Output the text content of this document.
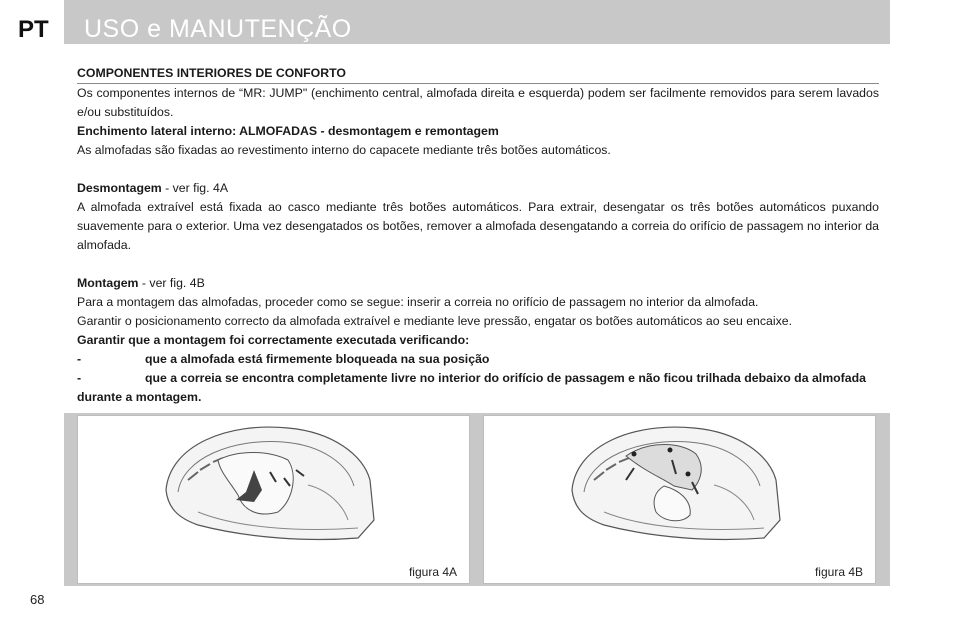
PT USO e MANUTENÇÃO

COMPONENTES INTERIORES DE CONFORTO

Os componentes internos de “MR: JUMP" (enchimento central, almofada direita e esquerda) podem ser facilmente removidos para serem lavados e/ou substituídos.

Enchimento lateral interno: ALMOFADAS - desmontagem e remontagem

As almofadas são fixadas ao revestimento interno do capacete mediante três botões automáticos.

Desmontagem - ver fig. 4A

A almofada extraível está fixada ao casco mediante três botões automáticos. Para extrair, desengatar os três botões automáticos puxando suavemente para o exterior. Uma vez desengatados os botões, remover a almofada desengatando a correia do orifício de passagem no interior da almofada.

Montagem - ver fig. 4B

Para a montagem das almofadas, proceder como se segue: inserir a correia no orifício de passagem no interior da almofada.

Garantir o posicionamento correcto da almofada extraível e mediante leve pressão, engatar os botões automáticos ao seu encaixe.

Garantir que a montagem foi correctamente executada verificando:

-	que a almofada está firmemente bloqueada na sua posição
-	que a correia se encontra completamente livre no interior do orifício de passagem e não ficou trilhada debaixo da almofada

durante a montagem.

figura 4A	figura 4B
68
